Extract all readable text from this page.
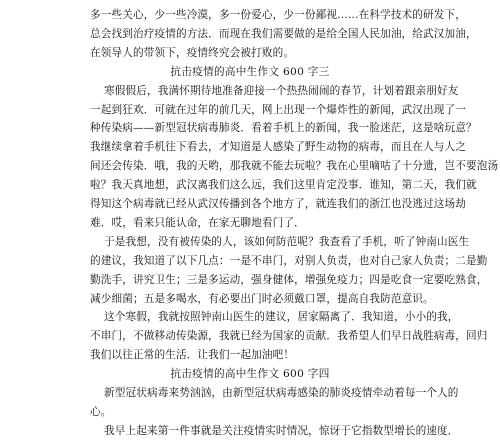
多一些关心，少一些冷漠，多一份爱心，少一份鄙视……在科学技术的研发下，

总会找到治疗疫情的方法．而现在我们需要做的是给全国人民加油，给武汉加油，

在领导人的带领下，疫情终究会被打败的。

抗击疫情的高中生作文 600 字三

寒假假后，我满怀期待地准备迎接一个热热闹闹的春节，计划着跟亲朋好友

一起到狂欢．可就在过年的前几天，网上出现一个爆炸性的新闻，武汉出现了一

种传染病——新型冠状病毒肺炎．看着手机上的新闻，我一脸迷茫，这是啥玩意？

我继续拿着手机往下看去，才知道是人感染了野生动物的病毒，而且在人与人之

间还会传染．哦，我的天哟，那我就不能去玩啦？我在心里嘀咕了十分遗，岂不要泡汤

啦？我天真地想，武汉离我们这么远，我们这里肯定没事．谁知，第二天，我们就

得知这个病毒就已经从武汉传播到各个地方了，就连我们的浙江也没逃过这场劫

难．哎，看来只能认命，在家无聊地看门了．

于是我想，没有被传染的人，该如何防范呢？我查看了手机，听了钟南山医生

的建议，我知道了以下几点：一是不串门，对别人负责，也对自己家人负责；二是勤

勤洗手，讲究卫生；三是多运动，强身健体，增强免疫力；四是吃食一定要吃熟食，

减少细菌；五是多喝水，有必要出门时必须戴口罩，提高自我防范意识。

这个寒假，我就按照钟南山医生的建议，居家隔离了．我知道，小小的我，

不串门，不做移动传染源，我就已经为国家的贡献．我希望人们早日战胜病毒，回归

我们以往正常的生活．让我们一起加油吧！

抗击疫情的高中生作文 600 字四

新型冠状病毒来势汹汹，由新型冠状病毒感染的肺炎疫情牵动着每一个人的

心。

我早上起来第一件事就是关注疫情实时情况，惊讶于它指数型增长的速度．
